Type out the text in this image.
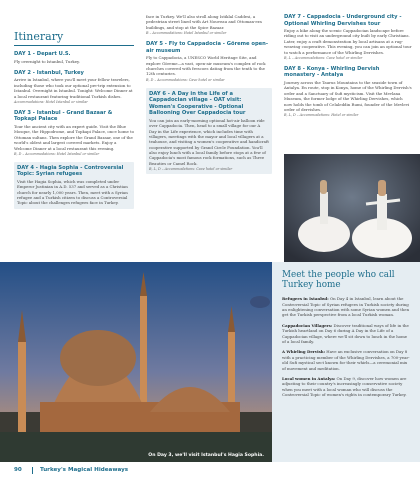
Itinerary
DAY 1 - Depart U.S.
Fly overnight to Istanbul, Turkey.
DAY 2 - Istanbul, Turkey
Arrive in Istanbul, where you'll meet your fellow travelers, including those who took our optional pre-trip extension to Istanbul. Overnight in Istanbul. Tonight: Welcome Dinner at a local restaurant featuring traditional Turkish dishes.
Accommodations: Hotel Istanbul or similar
DAY 3 - Istanbul - Grand Bazaar & Topkapi Palace
Tour the ancient city with an expert guide. Visit the Blue Mosque, the Hippodrome, and Topkapi Palace, once home to Ottoman sultans. Then explore the Grand Bazaar, one of the world's oldest and largest covered markets. Enjoy a Welcome Dinner at a local restaurant this evening.
B, D – Accommodations: Hotel Istanbul or similar
DAY 4 - Hagia Sophia - Controversial Topic: Syrian refugees
Visit the Hagia Sophia, which was completed under Emperor Justinian in A.D. 537 and served as a Christian church for nearly 1,000 years. Then, meet with a Syrian refugee and a Turkish citizen to discuss a Controversial Topic about the challenges refugees face in Turkey.
face in Turkey. We'll also stroll along Istiklal Caddesi, a pedestrian street lined with Art Nouveau and Ottoman-era buildings, and stop at the Spice Bazaar.
B – Accommodations: Hotel Istanbul or similar
DAY 5 - Fly to Cappadocia - Göreme open-air museum
Fly to Cappadocia, a UNESCO World Heritage Site, and explore Göreme—a vast, open-air museum's complex of rock churches covered with frescoes dating from the tenth to the 12th centuries.
B, D – Accommodations: Cave hotel or similar
DAY 6 - A Day in the Life of a Cappadocian village - OAT visit: Women's Cooperative - Optional Ballooning Over Cappadocia tour
You can join an early-morning optional hot-air balloon ride over Cappadocia. Then, head to a small village for our A Day in the Life experience, which includes time with villagers, meetings with the mayor and local villagers at a teahouse, and visiting a women's cooperative and handicraft cooperative supported by Grand Circle Foundation. You'll also enjoy lunch with a local family before stops at a few of Cappadocia's most famous rock formations, such as Three Beauties or Camel Rock.
B, L, D – Accommodations: Cave hotel or similar
DAY 7 - Cappadocia - Underground city - Optional Whirling Dervishes tour
Enjoy a hike along the scenic Cappadocian landscape before riding out to visit an underground city built by early Christians. Later, enjoy a craft demonstration by local artisans at a rug-weaving cooperative. This evening, you can join an optional tour to watch a performance of the Whirling Dervishes.
B, L – Accommodations: Cave hotel or similar
DAY 8 - Konya - Whirling Dervish monastery - Antalya
Journey across the Taurus Mountains to the seaside town of Antalya. En route, stop in Konya, home of the Whirling Dervish's order and a Sanctuary of Sufi mysticism. Visit the Mevlana Museum, the former lodge of the Whirling Dervishes, which now holds the tomb of Celaleddin Rumi, founder of the Mevlevi order of dervishes.
B, L, D – Accommodations: Hotel or similar
On Day 3, we'll visit Istanbul's Hagia Sophia.
Meet the people who call Turkey home
Refugees in Istanbul: On Day 4 in Istanbul, learn about the Controversial Topic of Syrian refugees in Turkish society during an enlightening conversation with some Syrian women and then get the Turkish perspective from a local Turkish woman.
Cappadocian Villagers: Discover traditional ways of life in the Turkish heartland on Day 6 during A Day in the Life of a Cappadocian village, where we'll sit down to lunch in the home of a local family.
A Whirling Dervish: Have an exclusive conversation on Day 8 with a practicing member of the Whirling Dervishes, a 700-year-old Sufi mystical sect known for their whirls—a ceremonial mix of movement and meditation.
Local women in Antalya: On Day 9, discover how women are adjusting to their country's increasingly conservative society when you meet with a local woman who will discuss the Controversial Topic of women's rights in contemporary Turkey.
90	Turkey's Magical Hideaways
